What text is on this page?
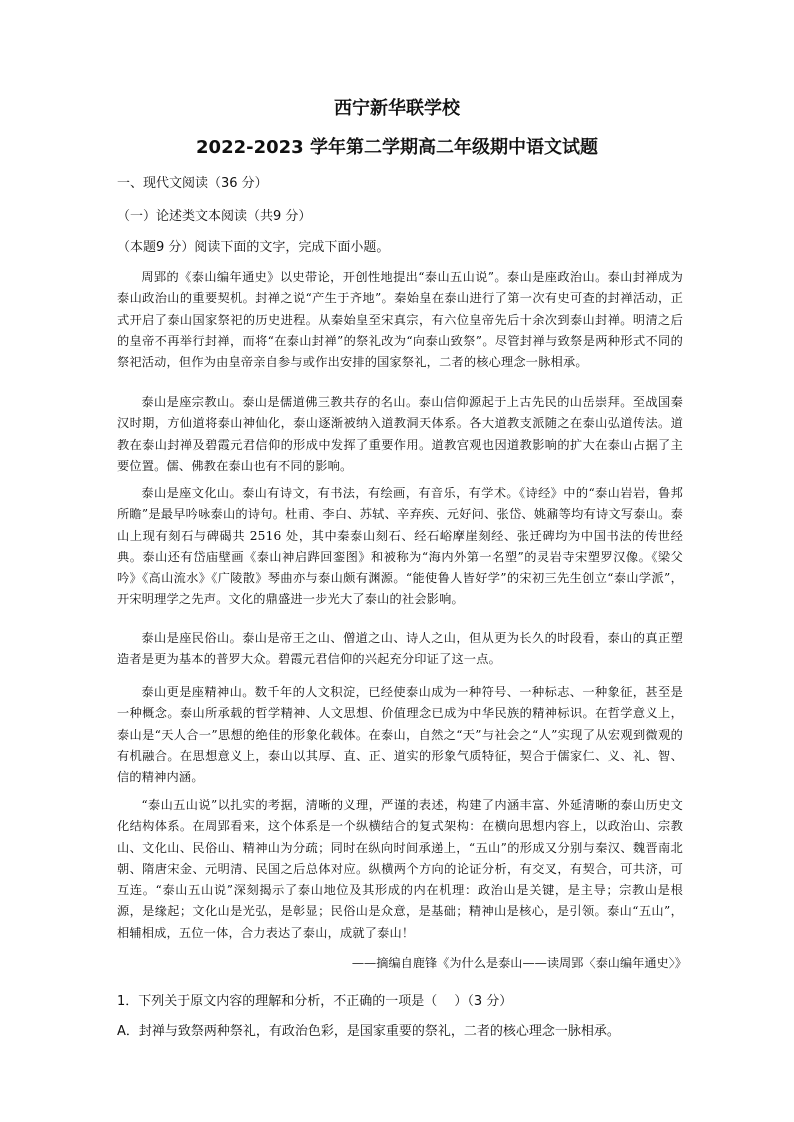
西宁新华联学校
2022-2023 学年第二学期高二年级期中语文试题
一、现代文阅读（36 分）
（一）论述类文本阅读（共9 分）
（本题9 分）阅读下面的文字，完成下面小题。
周郢的《泰山编年通史》以史带论，开创性地提出“泰山五山说”。泰山是座政治山。泰山封禅成为泰山政治山的重要契机。封禅之说“产生于齐地”。秦始皇在泰山进行了第一次有史可查的封禅活动，正式开启了泰山国家祭祀的历史进程。从秦始皇至宋真宗，有六位皇帝先后十余次到泰山封禅。明清之后的皇帝不再举行封禅，而将“在泰山封禅”的祭礼改为“向泰山致祭”。尽管封禅与致祭是两种形式不同的祭祀活动，但作为由皇帝亲自参与或作出安排的国家祭礼，二者的核心理念一脉相承。
泰山是座宗教山。泰山是儒道佛三教共存的名山。泰山信仰源起于上古先民的山岳崇拜。至战国秦汉时期，方仙道将泰山神仙化，泰山逐渐被纳入道教洞天体系。各大道教支派随之在泰山弘道传法。道教在泰山封禅及碧霞元君信仰的形成中发挥了重要作用。道教宫观也因道教影响的扩大在泰山占据了主要位置。儒、佛教在泰山也有不同的影响。
泰山是座文化山。泰山有诗文，有书法，有绘画，有音乐，有学术。《诗经》中的“泰山岩岩，鲁邦所瞻”是最早吟咏泰山的诗句。杜甫、李白、苏轼、辛弃疾、元好问、张岱、姚鼐等均有诗文写泰山。泰山上现有刻石与碑碣共 2516 处，其中秦泰山刻石、经石峪摩崖刻经、张迁碑均为中国书法的传世经典。泰山还有岱庙壁画《泰山神启跸回銮图》和被称为“海内外第一名塑”的灵岩寺宋塑罗汉像。《梁父吟》《高山流水》《广陵散》琴曲亦与泰山颇有渊源。“能使鲁人皆好学”的宋初三先生创立“泰山学派”，开宋明理学之先声。文化的鼎盛进一步光大了泰山的社会影响。
泰山是座民俗山。泰山是帝王之山、僧道之山、诗人之山，但从更为长久的时段看，泰山的真正塑造者是更为基本的普罗大众。碧霞元君信仰的兴起充分印证了这一点。
泰山更是座精神山。数千年的人文积淀，已经使泰山成为一种符号、一种标志、一种象征，甚至是一种概念。泰山所承载的哲学精神、人文思想、价值理念已成为中华民族的精神标识。在哲学意义上，泰山是“天人合一”思想的绝佳的形象化载体。在泰山，自然之“天”与社会之“人”实现了从宏观到微观的有机融合。在思想意义上，泰山以其厚、直、正、道实的形象气质特征，契合于儒家仁、义、礼、智、信的精神内涵。
“泰山五山说”以扎实的考据，清晰的义理，严谨的表述，构建了内涵丰富、外延清晰的泰山历史文化结构体系。在周郢看来，这个体系是一个纵横结合的复式架构：在横向思想内容上，以政治山、宗教山、文化山、民俗山、精神山为分疏；同时在纵向时间承递上，“五山”的形成又分别与秦汉、魏晋南北朝、隋唐宋金、元明清、民国之后总体对应。纵横两个方向的论证分析，有交叉，有契合，可共济，可互连。“泰山五山说”深刻揭示了泰山地位及其形成的内在机理：政治山是关键，是主导；宗教山是根源，是缘起；文化山是光弘，是彰显；民俗山是众意，是基础；精神山是核心，是引领。泰山“五山”，相辅相成，五位一体，合力表达了泰山，成就了泰山！
——摘编自鹿锋《为什么是泰山——读周郢〈泰山编年通史〉》
1．下列关于原文内容的理解和分析，不正确的一项是（　 ）（3 分）
A．封禅与致祭两种祭礼，有政治色彩，是国家重要的祭礼，二者的核心理念一脉相承。
